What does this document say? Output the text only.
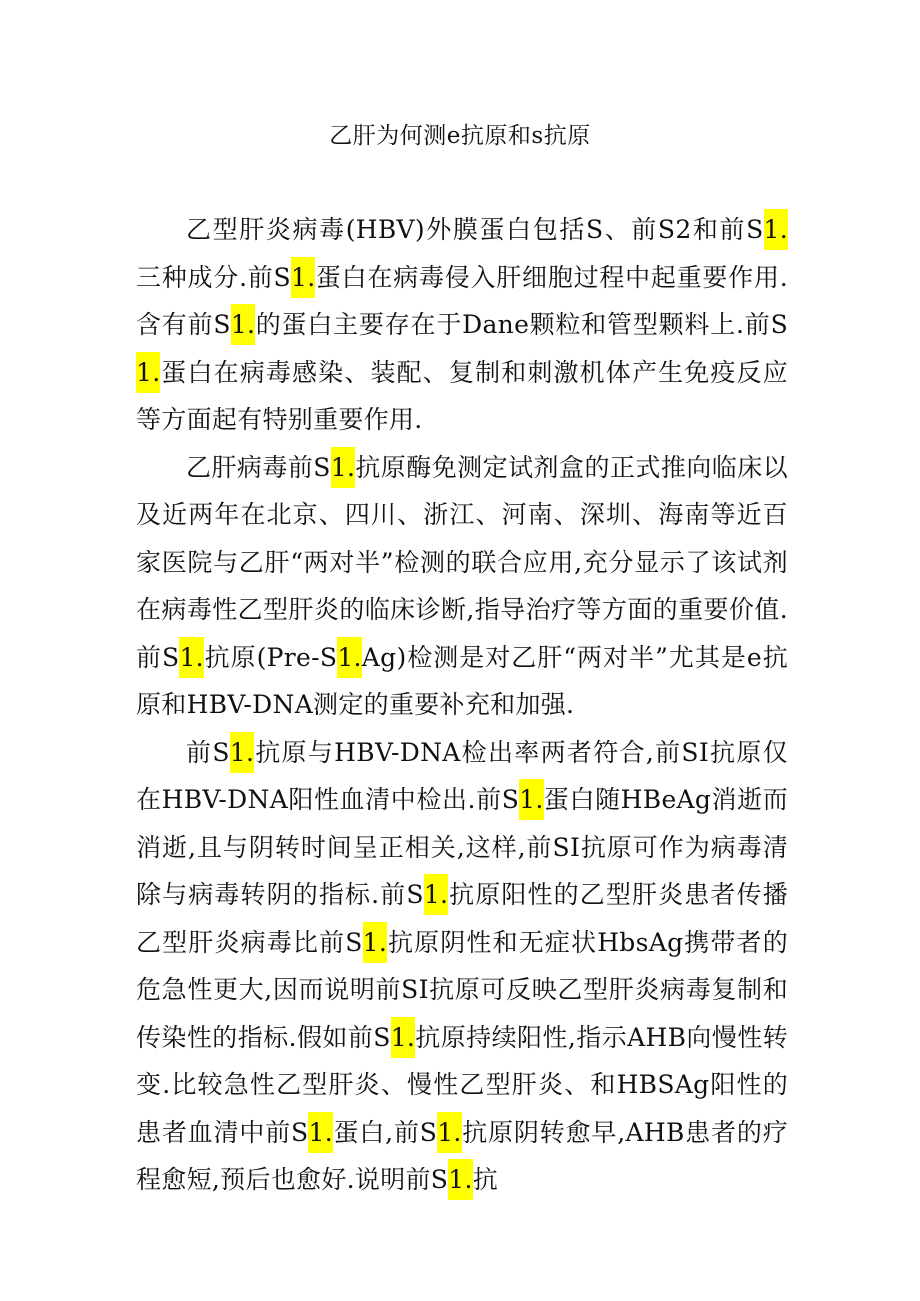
乙肝为何测e抗原和s抗原

乙型肝炎病毒(HBV)外膜蛋白包括S、前S2和前S1.三种成分.前S1.蛋白在病毒侵入肝细胞过程中起重要作用.含有前S1.的蛋白主要存在于Dane颗粒和管型颗料上.前S1.蛋白在病毒感染、装配、复制和刺激机体产生免疫反应等方面起有特别重要作用.

乙肝病毒前S1.抗原酶免测定试剂盒的正式推向临床以及近两年在北京、四川、浙江、河南、深圳、海南等近百家医院与乙肝“两对半”检测的联合应用,充分显示了该试剂在病毒性乙型肝炎的临床诊断,指导治疗等方面的重要价值.前S1.抗原(Pre-S1.Ag)检测是对乙肝“两对半”尤其是e抗原和HBV-DNA测定的重要补充和加强.

前S1.抗原与HBV-DNA检出率两者符合,前SI抗原仅在HBV-DNA阳性血清中检出.前S1.蛋白随HBeAg消逝而消逝,且与阴转时间呈正相关,这样,前SI抗原可作为病毒清除与病毒转阴的指标.前S1.抗原阳性的乙型肝炎患者传播乙型肝炎病毒比前S1.抗原阴性和无症状HbsAg携带者的危急性更大,因而说明前SI抗原可反映乙型肝炎病毒复制和传染性的指标.假如前S1.抗原持续阳性,指示AHB向慢性转变.比较急性乙型肝炎、慢性乙型肝炎、和HBSAg阳性的患者血清中前S1.蛋白,前S1.抗原阴转愈早,AHB患者的疗程愈短,预后也愈好.说明前S1.抗
